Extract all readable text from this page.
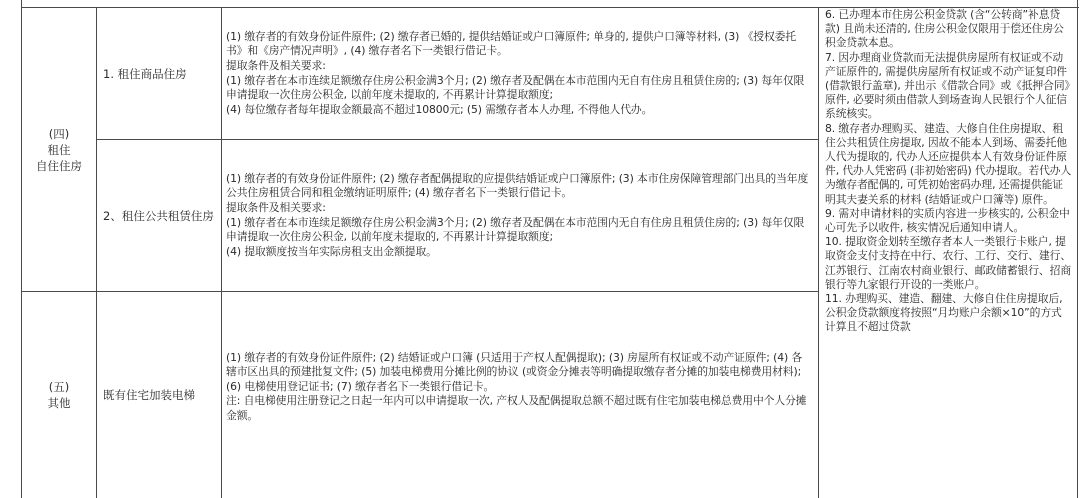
(四)
租住
自住住房
1. 租住商品住房

(1) 缴存者的有效身份证件原件; (2) 缴存者已婚的, 提供结婚证或户口簿原件; 单身的, 提供户口簿等材料, (3) 《授权委托书》和《房产情况声明》, (4) 缴存者名下一类银行借记卡。

提取条件及相关要求:

(1) 缴存者在本市连续足额缴存住房公积金满3个月; (2) 缴存者及配偶在本市范围内无自有住房且租赁住房的; (3) 每年仅限申请提取一次住房公积金, 以前年度未提取的, 不再累计计算提取额度;

(4) 每位缴存者每年提取金额最高不超过10800元; (5) 需缴存者本人办理, 不得他人代办。

2、租住公共租赁住房

(1) 缴存者的有效身份证件原件; (2) 缴存者配偶提取的应提供结婚证或户口簿原件; (3) 本市住房保障管理部门出具的当年度公共住房租赁合同和租金缴纳证明原件; (4) 缴存者名下一类银行借记卡。

提取条件及相关要求:

(1) 缴存者在本市连续足额缴存住房公积金满3个月; (2) 缴存者及配偶在本市范围内无自有住房且租赁住房的; (3) 每年仅限申请提取一次住房公积金, 以前年度未提取的, 不再累计计算提取额度;

(4) 提取额度按当年实际房租支出金额提取。

(五)
其他
既有住宅加装电梯

(1) 缴存者的有效身份证件原件; (2) 结婚证或户口簿 (只适用于产权人配偶提取); (3) 房屋所有权证或不动产证原件; (4) 各辖市区出具的预建批复文件; (5) 加装电梯费用分摊比例的协议 (或资金分摊表等明确提取缴存者分摊的加装电梯费用材料); (6) 电梯使用登记证书; (7) 缴存者名下一类银行借记卡。

注: 自电梯使用注册登记之日起一年内可以申请提取一次, 产权人及配偶提取总额不超过既有住宅加装电梯总费用中个人分摊金额。

6. 已办理本市住房公积金贷款 (含“公转商”补息贷款) 且尚未还清的, 住房公积金仅限用于偿还住房公积金贷款本息。

7. 因办理商业贷款而无法提供房屋所有权证或不动产证原件的, 需提供房屋所有权证或不动产证复印件 (借款银行盖章), 并出示《借款合同》或《抵押合同》原件, 必要时须由借款人到场查询人民银行个人征信系统核实。

8. 缴存者办理购买、建造、大修自住住房提取、租住公共租赁住房提取, 因故不能本人到场、需委托他人代为提取的, 代办人还应提供本人有效身份证件原件, 代办人凭密码 (非初始密码) 代办提取。若代办人为缴存者配偶的, 可凭初始密码办理, 还需提供能证明其夫妻关系的材料 (结婚证或户口簿等) 原件。

9. 需对申请材料的实质内容进一步核实的, 公积金中心可先予以收件, 核实情况后通知申请人。

10. 提取资金划转至缴存者本人一类银行卡账户, 提取资金支付支持在中行、农行、工行、交行、建行、江苏银行、江南农村商业银行、邮政储蓄银行、招商银行等九家银行开设的一类账户。

11. 办理购买、建造、翻建、大修自住住房提取后, 公积金贷款额度将按照“月均账户余额×10”的方式计算且不超过贷款
